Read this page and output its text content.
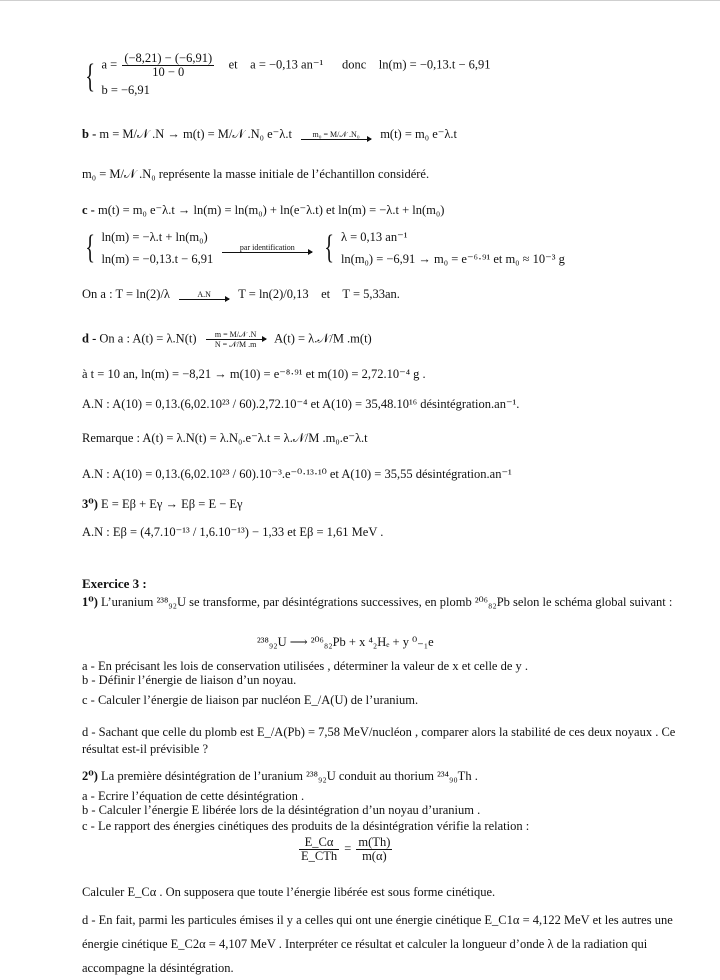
{ $a = \frac{(-8,21) - (-6,91)}{10 - 0}$ et a = −0,13 an⁻¹ donc ln(m) = −0,13.t − 6,91
b = −6,91
b - m = M/𝒩 .N → m(t) = M/𝒩 .N₀ e⁻λ.t	m₀ = M/𝒩 .N₀	m(t) = m₀ e⁻λ.t
m₀ = M/𝒩 .N₀ représente la masse initiale de l’échantillon considéré.
c - m(t) = m₀ e⁻λ.t → ln(m) = ln(m₀) + ln(e⁻λ.t) et ln(m) = −λ.t + ln(m₀)
{ ln(m) = −λ.t + ln(m₀)
ln(m) = −0,13.t − 6,91

par identification { λ = 0,13 an⁻¹
ln(m₀) = −6,91 → m₀ = e⁻⁶·⁹¹ et m₀ ≈ 10⁻³ g
On a : T = ln(2)/λ	A.N	T = ln(2)/0,13 et T = 5,33an.
d - On a : A(t) = λ.N(t)	m = M/𝒩 .N
N = 𝒩/M .m	A(t) = λ.𝒩/M .m(t)
à t = 10 an, ln(m) = −8,21 → m(10) = e⁻⁸·⁹¹ et m(10) = 2,72.10⁻⁴ g .
A.N : A(10) = 0,13.(6,02.10²³ / 60).2,72.10⁻⁴ et A(10) = 35,48.10¹⁶ désintégration.an⁻¹.
Remarque : A(t) = λ.N(t) = λ.N₀.e⁻λ.t = λ.𝒩/M .m₀.e⁻λ.t
A.N : A(10) = 0,13.(6,02.10²³ / 60).10⁻³.e⁻⁰·¹³·¹⁰ et A(10) = 35,55 désintégration.an⁻¹
3⁰) E = Eβ + Eγ → Eβ = E − Eγ
A.N : Eβ = (4,7.10⁻¹³ / 1,6.10⁻¹³) − 1,33 et Eβ = 1,61 MeV .
Exercice 3 :
1⁰) L’uranium ²³⁸₉₂U se transforme, par désintégrations successives, en plomb ²⁰⁶₈₂Pb selon le schéma global suivant :
²³⁸₉₂U ⟶ ²⁰⁶₈₂Pb + x ⁴₂Hₑ + y ⁰₋₁e
a - En précisant les lois de conservation utilisées , déterminer la valeur de x et celle de y .
b - Définir l’énergie de liaison d’un noyau.
c - Calculer l’énergie de liaison par nucléon E_/A(U) de l’uranium.
d - Sachant que celle du plomb est E_/A(Pb) = 7,58 MeV/nucléon , comparer alors la stabilité de ces deux noyaux . Ce résultat est-il prévisible ?
2⁰) La première désintégration de l’uranium ²³⁸₉₂U conduit au thorium ²³⁴₉₀Th .
a - Ecrire l’équation de cette désintégration .
b - Calculer l’énergie E libérée lors de la désintégration d’un noyau d’uranium .
c - Le rapport des énergies cinétiques des produits de la désintégration vérifie la relation :
$\frac{E\_C\alpha}{\text{E\_CTh}} = \frac{m(Th)}{m(\alpha)}$
Calculer E_Cα . On supposera que toute l’énergie libérée est sous forme cinétique.
d - En fait, parmi les particules émises il y a celles qui ont une énergie cinétique E_C1α = 4,122 MeV et les autres une énergie cinétique E_C2α = 4,107 MeV . Interpréter ce résultat et calculer la longueur d’onde λ de la radiation qui accompagne la désintégration.
